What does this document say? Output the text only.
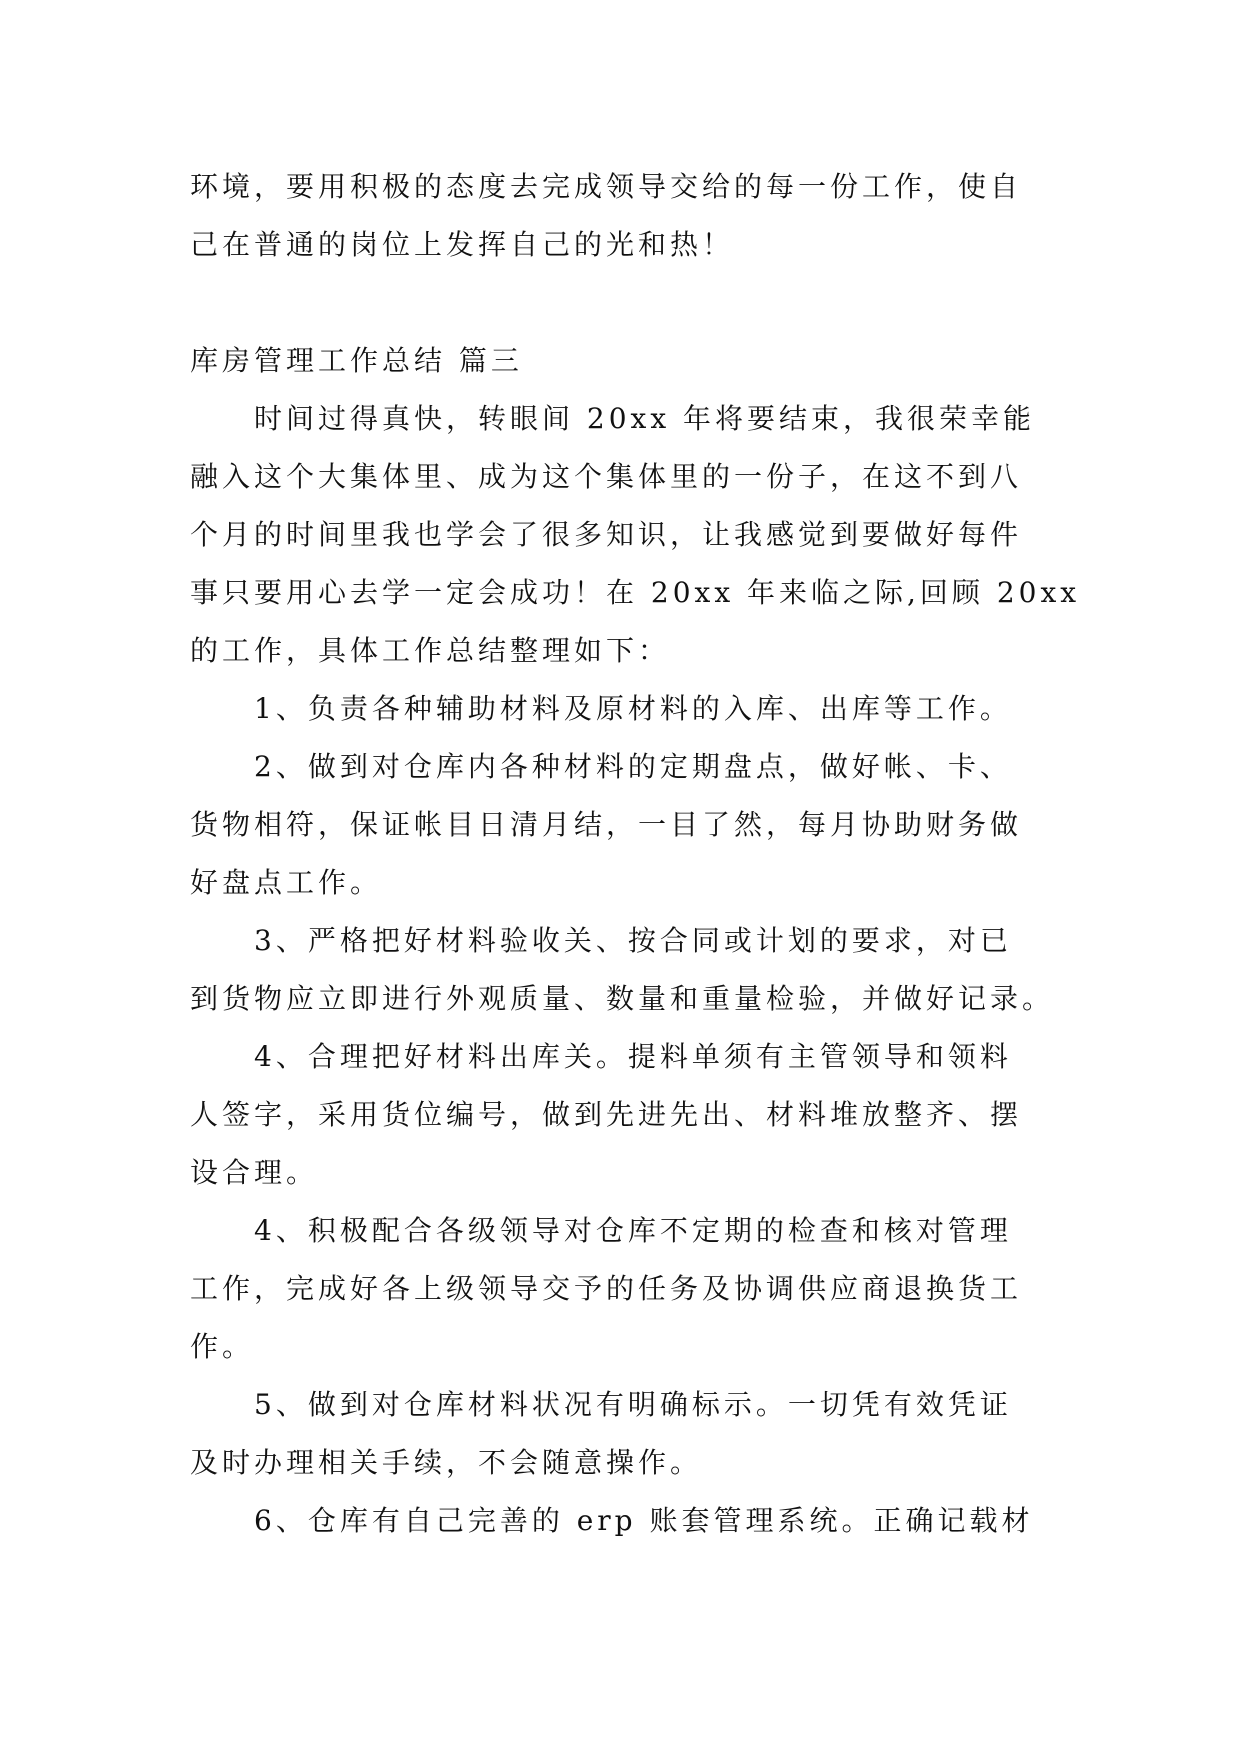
环境，要用积极的态度去完成领导交给的每一份工作，使自
己在普通的岗位上发挥自己的光和热！
库房管理工作总结 篇三
时间过得真快，转眼间 20xx 年将要结束，我很荣幸能
融入这个大集体里、成为这个集体里的一份子，在这不到八
个月的时间里我也学会了很多知识，让我感觉到要做好每件
事只要用心去学一定会成功！在 20xx 年来临之际,回顾 20xx
的工作，具体工作总结整理如下：
1、负责各种辅助材料及原材料的入库、出库等工作。
2、做到对仓库内各种材料的定期盘点，做好帐、卡、
货物相符，保证帐目日清月结，一目了然，每月协助财务做
好盘点工作。
3、严格把好材料验收关、按合同或计划的要求，对已
到货物应立即进行外观质量、数量和重量检验，并做好记录。
4、合理把好材料出库关。提料单须有主管领导和领料
人签字，采用货位编号，做到先进先出、材料堆放整齐、摆
设合理。
4、积极配合各级领导对仓库不定期的检查和核对管理
工作，完成好各上级领导交予的任务及协调供应商退换货工
作。
5、做到对仓库材料状况有明确标示。一切凭有效凭证
及时办理相关手续，不会随意操作。
6、仓库有自己完善的 erp 账套管理系统。正确记载材
